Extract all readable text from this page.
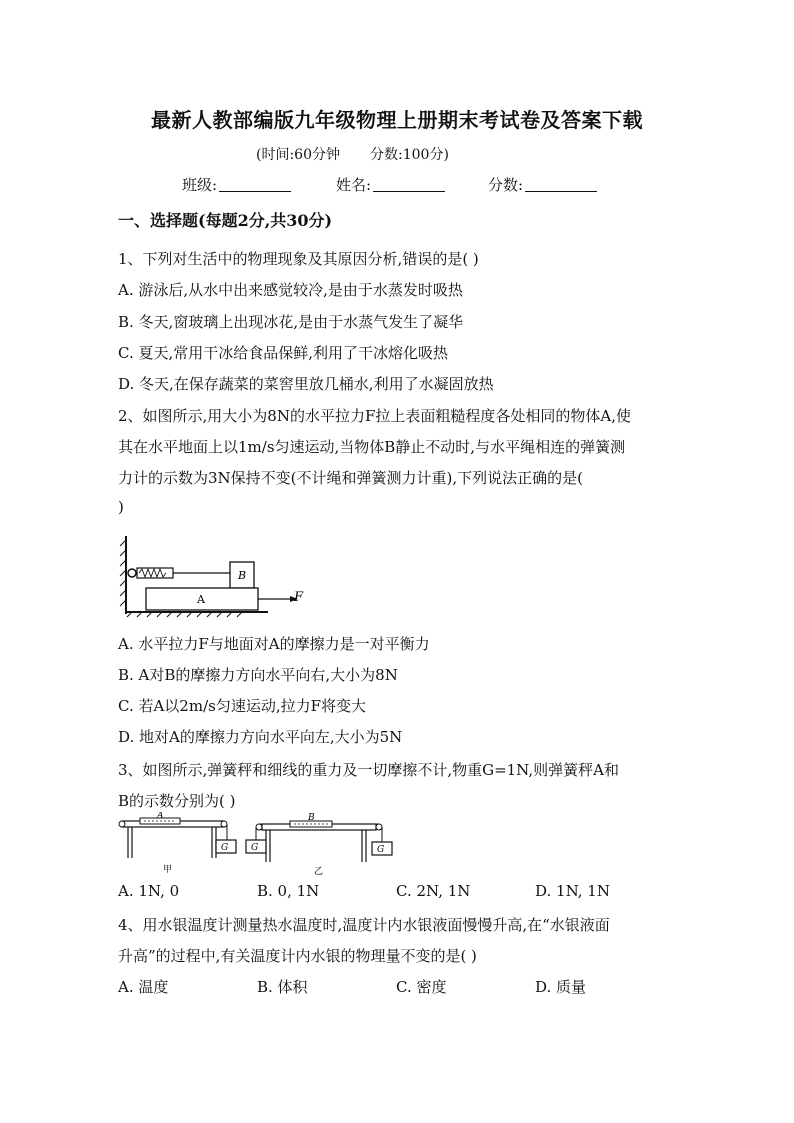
最新人教部编版九年级物理上册期末考试卷及答案下载
(时间:60分钟 分数:100分)
班级:	姓名:	分数:
一、选择题(每题2分,共30分)
1、下列对生活中的物理现象及其原因分析,错误的是( )
A. 游泳后,从水中出来感觉较冷,是由于水蒸发时吸热
B. 冬天,窗玻璃上出现冰花,是由于水蒸气发生了凝华
C. 夏天,常用干冰给食品保鲜,利用了干冰熔化吸热
D. 冬天,在保存蔬菜的菜窖里放几桶水,利用了水凝固放热
2、如图所示,用大小为8N的水平拉力F拉上表面粗糙程度各处相同的物体A,使
其在水平地面上以1m/s匀速运动,当物体B静止不动时,与水平绳相连的弹簧测
力计的示数为3N保持不变(不计绳和弹簧测力计重),下列说法正确的是(
)
B
A	F
A. 水平拉力F与地面对A的摩擦力是一对平衡力
B. A对B的摩擦力方向水平向右,大小为8N
C. 若A以2m/s匀速运动,拉力F将变大
D. 地对A的摩擦力方向水平向左,大小为5N
3、如图所示,弹簧秤和细线的重力及一切摩擦不计,物重G=1N,则弹簧秤A和
B的示数分别为( )
A
G
甲
B
G	G
乙
A. 1N, 0	B. 0, 1N	C. 2N, 1N	D. 1N, 1N
4、用水银温度计测量热水温度时,温度计内水银液面慢慢升高,在“水银液面
升高”的过程中,有关温度计内水银的物理量不变的是( )
A. 温度	B. 体积	C. 密度	D. 质量
